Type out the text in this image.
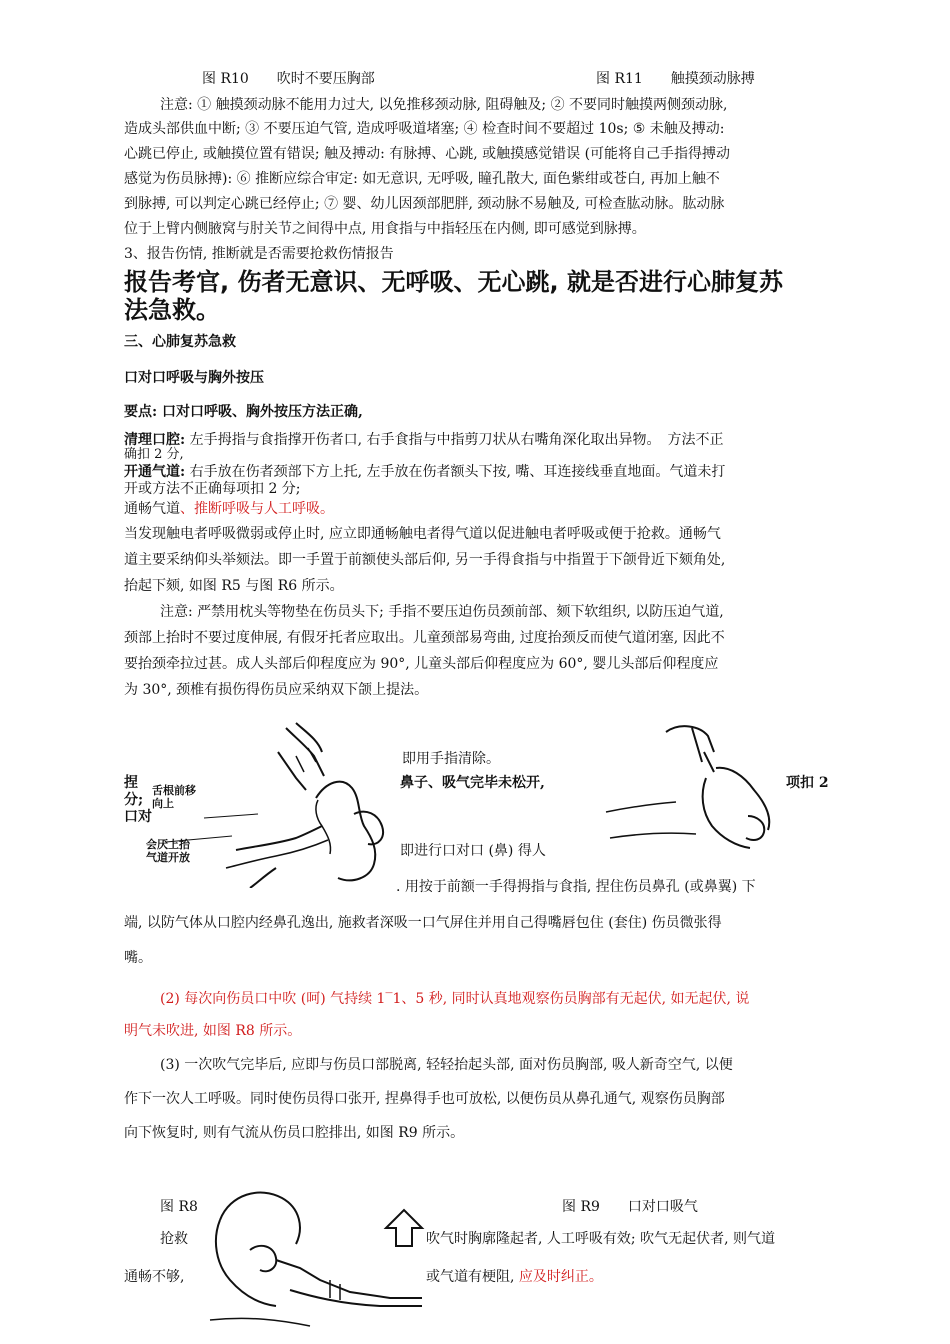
图 R10　　吹时不要压胸部	图 R11　　触摸颈动脉搏
注意: ① 触摸颈动脉不能用力过大, 以免推移颈动脉, 阻碍触及; ② 不要同时触摸两侧颈动脉,
造成头部供血中断; ③ 不要压迫气管, 造成呼吸道堵塞; ④ 检查时间不要超过 10s; ⑤ 未触及搏动:
心跳已停止, 或触摸位置有错误; 触及搏动: 有脉搏、心跳, 或触摸感觉错误 (可能将自己手指得搏动
感觉为伤员脉搏): ⑥ 推断应综合审定: 如无意识, 无呼吸, 瞳孔散大, 面色紫绀或苍白, 再加上触不
到脉搏, 可以判定心跳已经停止; ⑦ 婴、幼儿因颈部肥胖, 颈动脉不易触及, 可检查肱动脉。肱动脉
位于上臂内侧腋窝与肘关节之间得中点, 用食指与中指轻压在内侧, 即可感觉到脉搏。
3、报告伤情, 推断就是否需要抢救伤情报告
报告考官, 伤者无意识、无呼吸、无心跳, 就是否进行心肺复苏
法急救。
三、心肺复苏急救
口对口呼吸与胸外按压
要点: 口对口呼吸、胸外按压方法正确,
清理口腔: 左手拇指与食指撑开伤者口, 右手食指与中指剪刀状从右嘴角深化取出异物。　方法不正
确扣 2 分,
开通气道: 右手放在伤者颈部下方上托, 左手放在伤者额头下按, 嘴、耳连接线垂直地面。气道未打
开或方法不正确每项扣 2 分;
通畅气道、推断呼吸与人工呼吸。
当发现触电者呼吸微弱或停止时, 应立即通畅触电者得气道以促进触电者呼吸或便于抢救。通畅气
道主要采纳仰头举颏法。即一手置于前额使头部后仰, 另一手得食指与中指置于下颌骨近下颏角处,
抬起下颏, 如图 R5 与图 R6 所示。
注意: 严禁用枕头等物垫在伤员头下; 手指不要压迫伤员颈前部、颏下软组织, 以防压迫气道,
颈部上抬时不要过度伸展, 有假牙托者应取出。儿童颈部易弯曲, 过度抬颈反而使气道闭塞, 因此不
要抬颈牵拉过甚。成人头部后仰程度应为 90°, 儿童头部后仰程度应为 60°, 婴儿头部后仰程度应
为 30°, 颈椎有损伤得伤员应采纳双下颌上提法。
捏
分;
口对
即用手指清除。
鼻子、吸气完毕未松开,	项扣 2
即进行口对口 (鼻) 得人
舌根前移向上
会厌上抬气道开放
. 用按于前额一手得拇指与食指, 捏住伤员鼻孔 (或鼻翼) 下
端, 以防气体从口腔内经鼻孔逸出, 施救者深吸一口气屏住并用自己得嘴唇包住 (套住) 伤员微张得
嘴。
(2) 每次向伤员口中吹 (呵) 气持续 1‾1、5 秒, 同时认真地观察伤员胸部有无起伏, 如无起伏, 说
明气未吹进, 如图 R8 所示。
(3) 一次吹气完毕后, 应即与伤员口部脱离, 轻轻抬起头部, 面对伤员胸部, 吸人新奇空气, 以便
作下一次人工呼吸。同时使伤员得口张开, 捏鼻得手也可放松, 以便伤员从鼻孔通气, 观察伤员胸部
向下恢复时, 则有气流从伤员口腔排出, 如图 R9 所示。
图 R8	图 R9　　口对口吸气
抢救	吹气时胸廓隆起者, 人工呼吸有效; 吹气无起伏者, 则气道
通畅不够,	或气道有梗阻, 应及时纠正。
